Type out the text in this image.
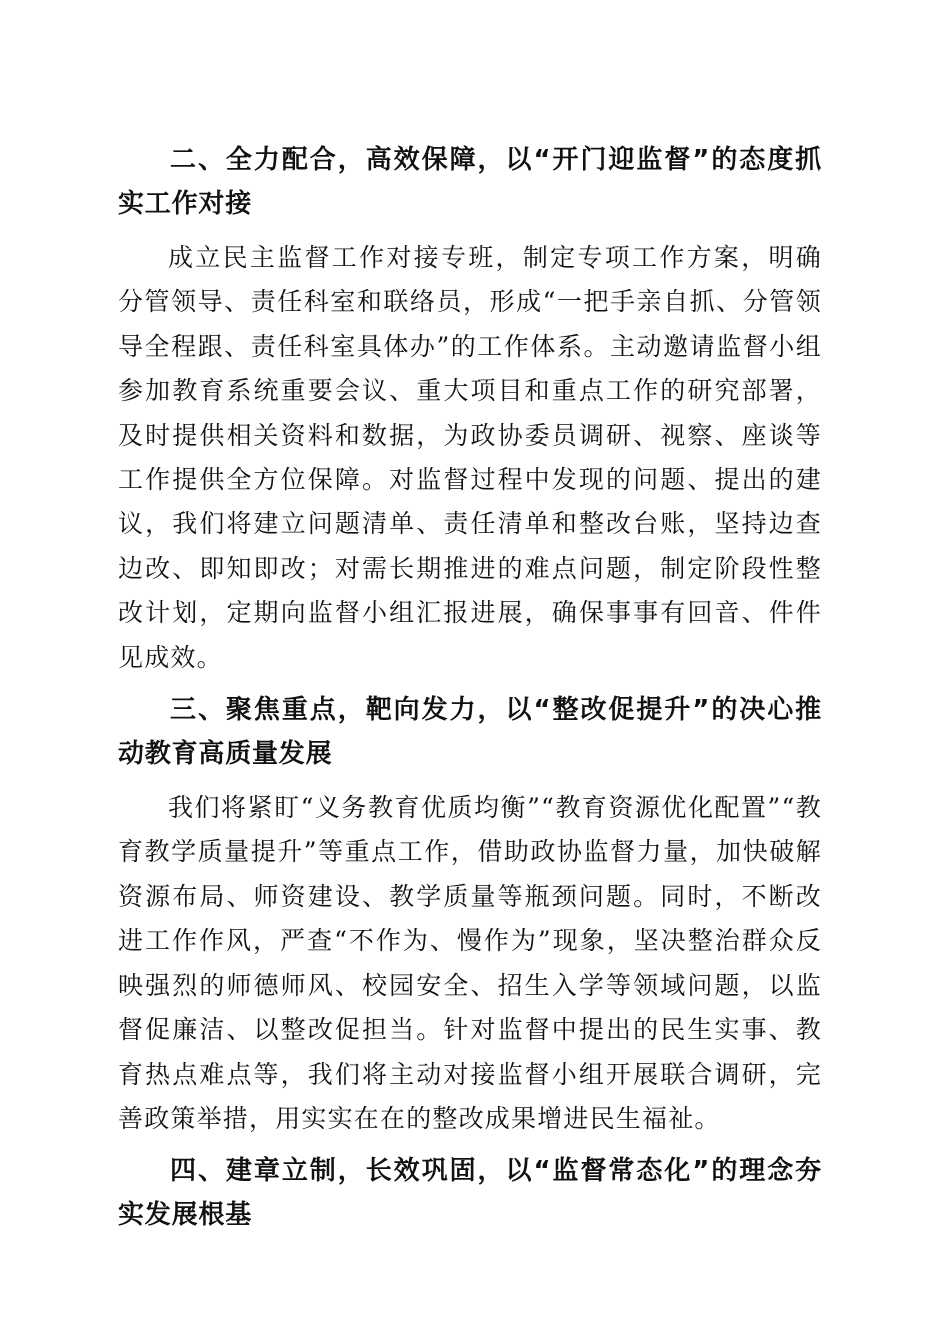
二、全力配合，高效保障，以“开门迎监督”的态度抓实工作对接

成立民主监督工作对接专班，制定专项工作方案，明确分管领导、责任科室和联络员，形成“一把手亲自抓、分管领导全程跟、责任科室具体办”的工作体系。主动邀请监督小组参加教育系统重要会议、重大项目和重点工作的研究部署，及时提供相关资料和数据，为政协委员调研、视察、座谈等工作提供全方位保障。对监督过程中发现的问题、提出的建议，我们将建立问题清单、责任清单和整改台账，坚持边查边改、即知即改；对需长期推进的难点问题，制定阶段性整改计划，定期向监督小组汇报进展，确保事事有回音、件件见成效。

三、聚焦重点，靶向发力，以“整改促提升”的决心推动教育高质量发展

我们将紧盯“义务教育优质均衡”“教育资源优化配置”“教育教学质量提升”等重点工作，借助政协监督力量，加快破解资源布局、师资建设、教学质量等瓶颈问题。同时，不断改进工作作风，严查“不作为、慢作为”现象，坚决整治群众反映强烈的师德师风、校园安全、招生入学等领域问题，以监督促廉洁、以整改促担当。针对监督中提出的民生实事、教育热点难点等，我们将主动对接监督小组开展联合调研，完善政策举措，用实实在在的整改成果增进民生福祉。

四、建章立制，长效巩固，以“监督常态化”的理念夯实发展根基
